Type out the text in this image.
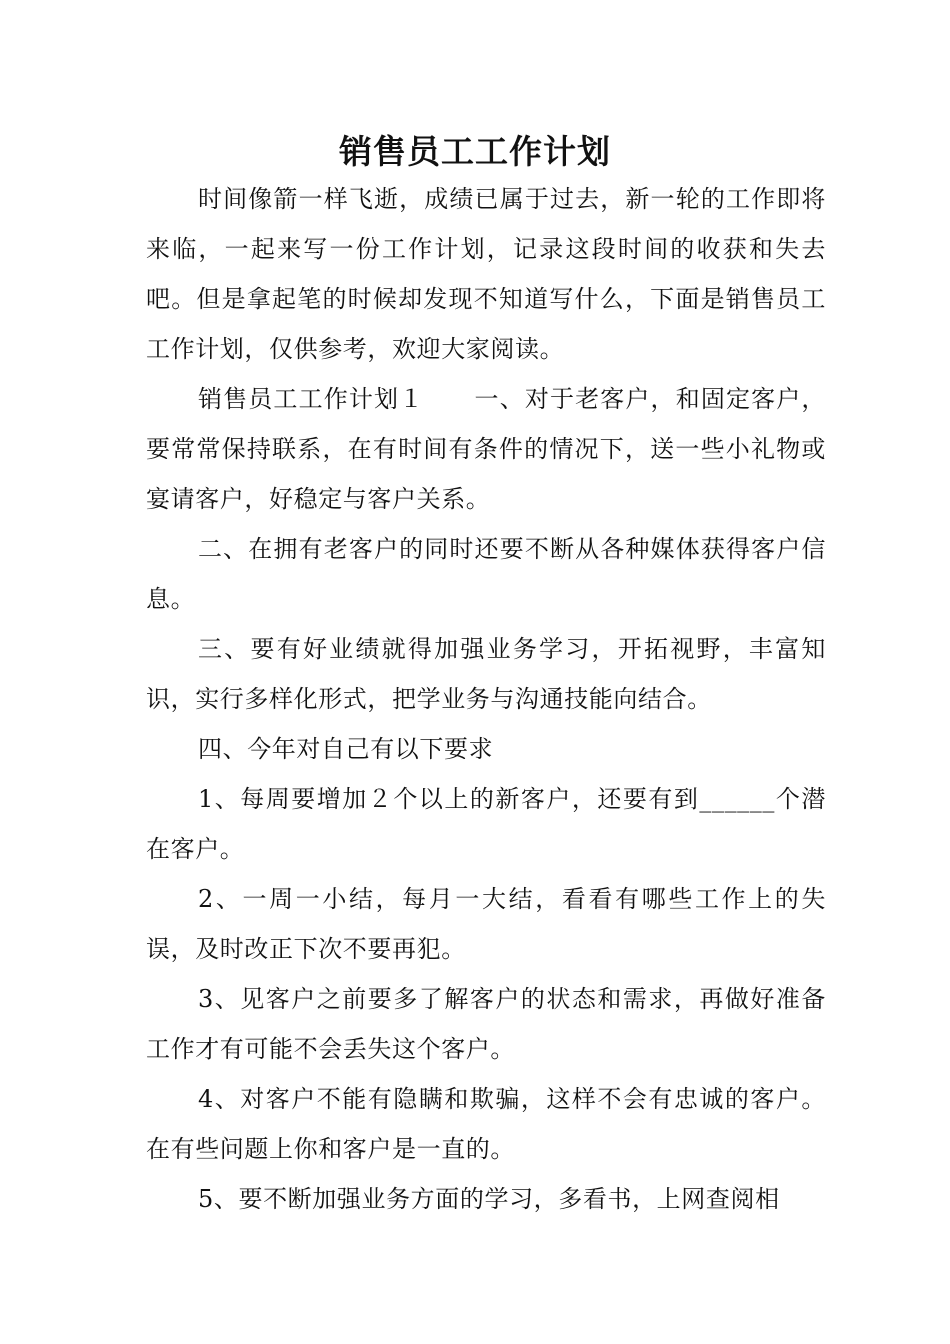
销售员工工作计划

时间像箭一样飞逝，成绩已属于过去，新一轮的工作即将来临，一起来写一份工作计划，记录这段时间的收获和失去吧。但是拿起笔的时候却发现不知道写什么，下面是销售员工工作计划，仅供参考，欢迎大家阅读。

销售员工工作计划１　　一、对于老客户，和固定客户，要常常保持联系，在有时间有条件的情况下，送一些小礼物或宴请客户，好稳定与客户关系。

二、在拥有老客户的同时还要不断从各种媒体获得客户信息。

三、要有好业绩就得加强业务学习，开拓视野，丰富知识，实行多样化形式，把学业务与沟通技能向结合。

四、今年对自己有以下要求

1、每周要增加２个以上的新客户，还要有到______个潜在客户。

2、一周一小结，每月一大结，看看有哪些工作上的失误，及时改正下次不要再犯。

3、见客户之前要多了解客户的状态和需求，再做好准备工作才有可能不会丢失这个客户。

4、对客户不能有隐瞒和欺骗，这样不会有忠诚的客户。在有些问题上你和客户是一直的。

5、要不断加强业务方面的学习，多看书，上网查阅相
